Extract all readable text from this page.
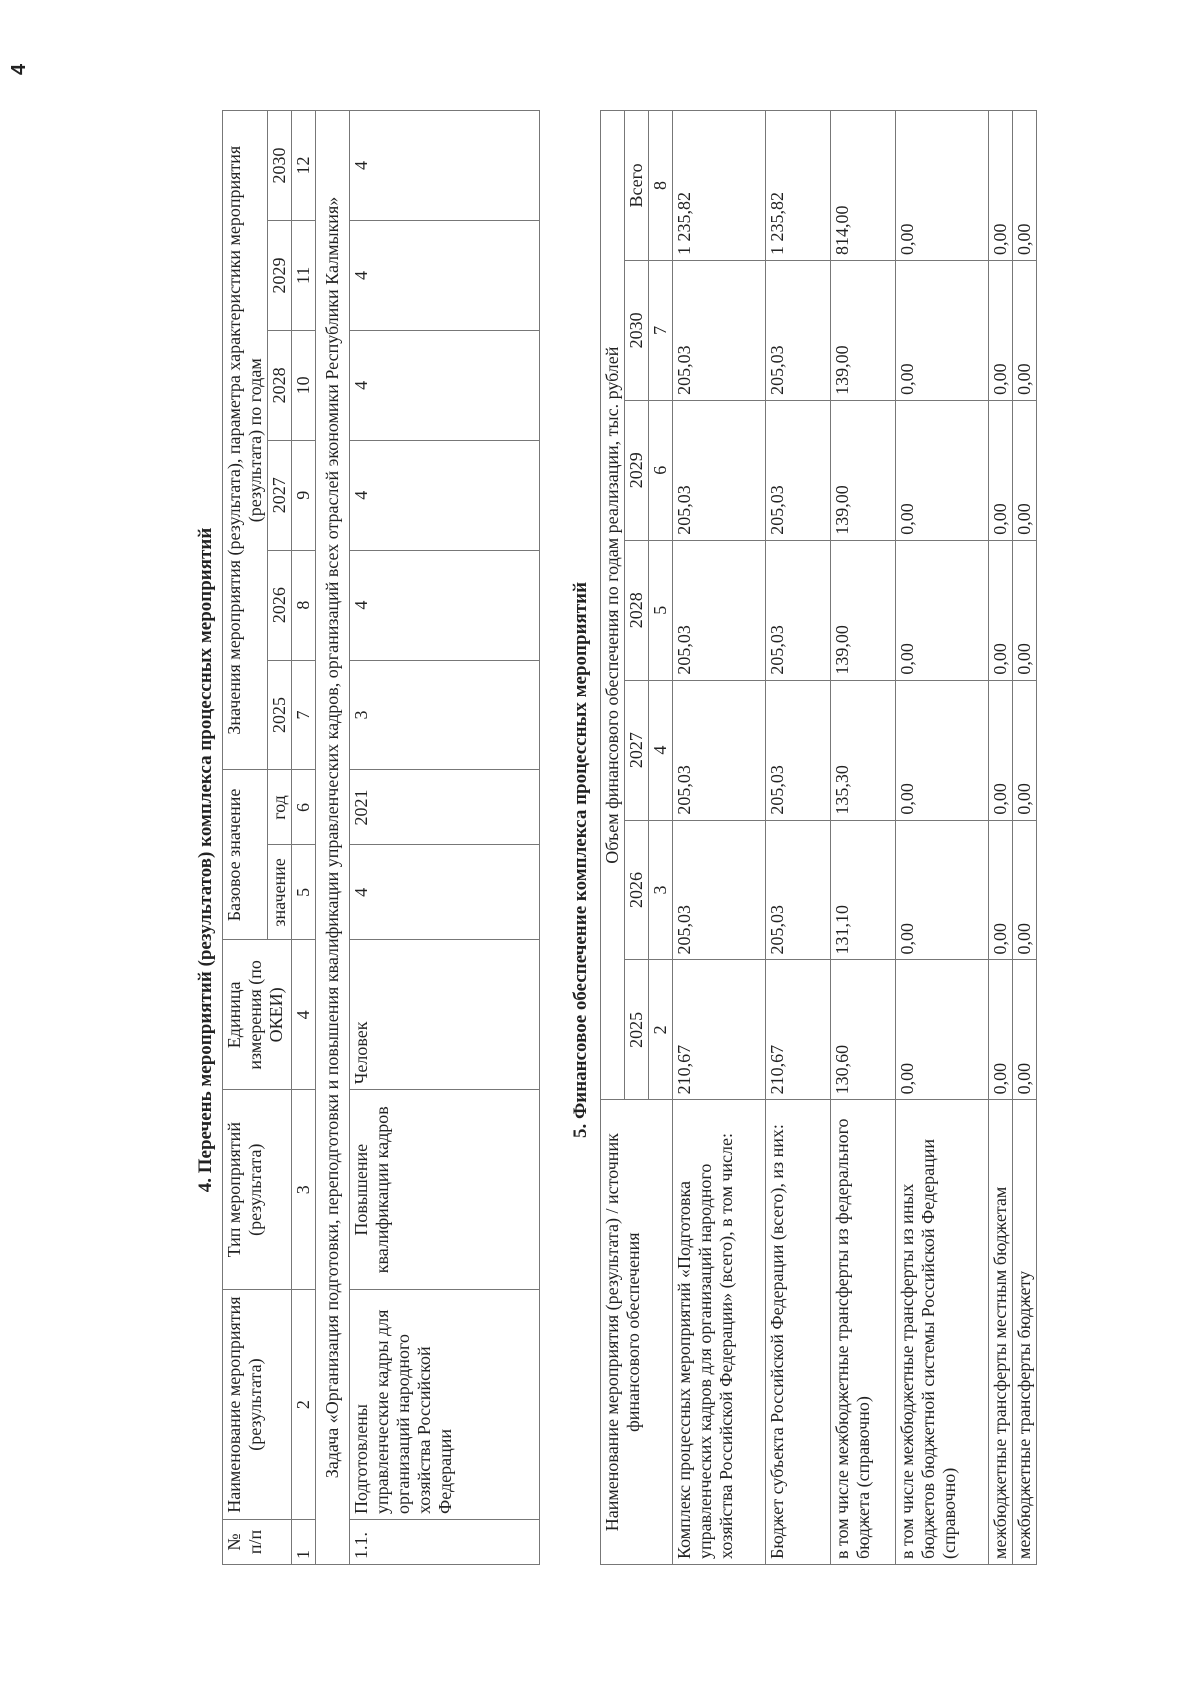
4
4. Перечень мероприятий (результатов) комплекса процессных мероприятий
№ п/п	Наименование мероприятия (результата)	Тип мероприятий (результата)	Единица измерения (по ОКЕИ)	Базовое значение		Значения мероприятия (результата), параметра характеристики мероприятия (результата) по годам					
				значение	год	2025	2026	2027	2028	2029	2030
1	2	3	4	5	6	7	8	9	10	11	12
Задача «Организация подготовки, переподготовки и повышения квалификации управленческих кадров, организаций всех отраслей экономики Республики Калмыкия»											
1.1.	Подготовлены управленческие кадры для организаций народного хозяйства Российской Федерации	Повышение квалификации кадров	Человек	4	2021	3	4	4	4	4	4
5. Финансовое обеспечение комплекса процессных мероприятий
Наименование мероприятия (результата) / источник финансового обеспечения	Объем финансового обеспечения по годам реализации, тыс. рублей						
	2025	2026	2027	2028	2029	2030	Всего
	2	3	4	5	6	7	8
Комплекс процессных мероприятий «Подготовка управленческих кадров для организаций народного хозяйства Российской Федерации» (всего), в том числе:	210,67	205,03	205,03	205,03	205,03	205,03	1 235,82
Бюджет субъекта Российской Федерации (всего), из них:	210,67	205,03	205,03	205,03	205,03	205,03	1 235,82
в том числе межбюджетные трансферты из федерального бюджета (справочно)	130,60	131,10	135,30	139,00	139,00	139,00	814,00
в том числе межбюджетные трансферты из иных бюджетов бюджетной системы Российской Федерации (справочно)	0,00	0,00	0,00	0,00	0,00	0,00	0,00
межбюджетные трансферты местным бюджетам	0,00	0,00	0,00	0,00	0,00	0,00	0,00
межбюджетные трансферты бюджету	0,00	0,00	0,00	0,00	0,00	0,00	0,00
